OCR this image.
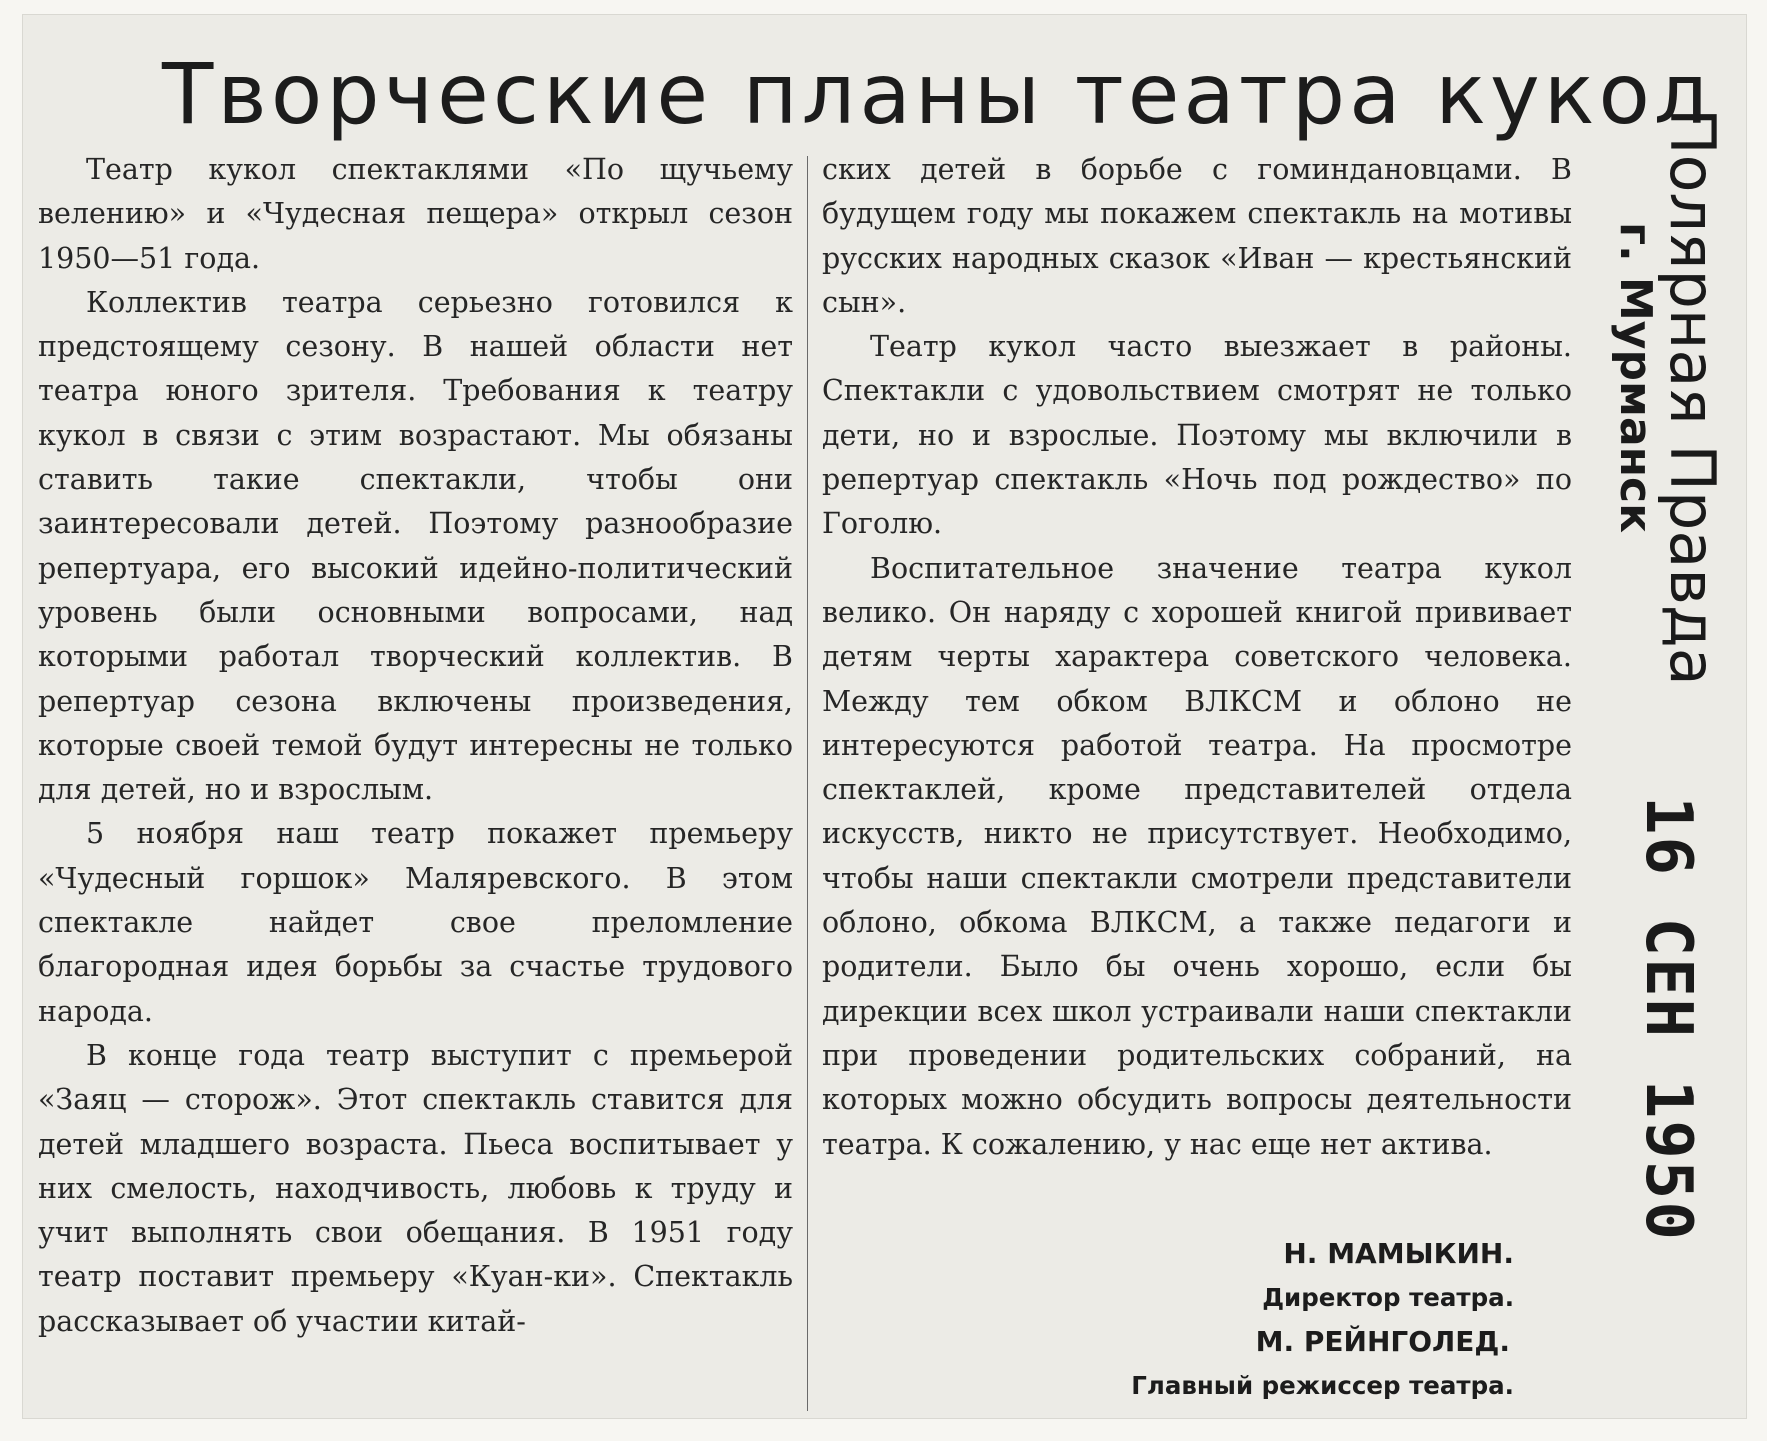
Творческие планы театра кукол

Театр кукол спектаклями «По щучьему велению» и «Чудесная пещера» открыл сезон 1950—51 года.

Коллектив театра серьезно готовился к предстоящему сезону. В нашей области нет театра юного зрителя. Требования к театру кукол в связи с этим возрастают. Мы обязаны ставить такие спектакли, чтобы они заинтересовали детей. Поэтому разнообразие репертуара, его высокий идейно-политический уровень были основными вопросами, над которыми работал творческий коллектив. В репертуар сезона включены произведения, которые своей темой будут интересны не только для детей, но и взрослым.

5 ноября наш театр покажет премьеру «Чудесный горшок» Маляревского. В этом спектакле найдет свое преломление благородная идея борьбы за счастье трудового народа.

В конце года театр выступит с премьерой «Заяц — сторож». Этот спектакль ставится для детей младшего возраста. Пьеса воспитывает у них смелость, находчивость, любовь к труду и учит выполнять свои обещания. В 1951 году театр поставит премьеру «Куан-ки». Спектакль рассказывает об участии китай-

ских детей в борьбе с гоминдановцами. В будущем году мы покажем спектакль на мотивы русских народных сказок «Иван — крестьянский сын».

Театр кукол часто выезжает в районы. Спектакли с удовольствием смотрят не только дети, но и взрослые. Поэтому мы включили в репертуар спектакль «Ночь под рождество» по Гоголю.

Воспитательное значение театра кукол велико. Он наряду с хорошей книгой прививает детям черты характера советского человека. Между тем обком ВЛКСМ и облоно не интересуются работой театра. На просмотре спектаклей, кроме представителей отдела искусств, никто не присутствует. Необходимо, чтобы наши спектакли смотрели представители облоно, обкома ВЛКСМ, а также педагоги и родители. Было бы очень хорошо, если бы дирекции всех школ устраивали наши спектакли при проведении родительских собраний, на которых можно обсудить вопросы деятельности театра. К сожалению, у нас еще нет актива.

Н. МАМЫКИН.

Директор театра.

М. РЕЙНГОЛЕД.

Главный режиссер театра.

Полярная Правда

г. Мурманск

16 СЕН 1950
